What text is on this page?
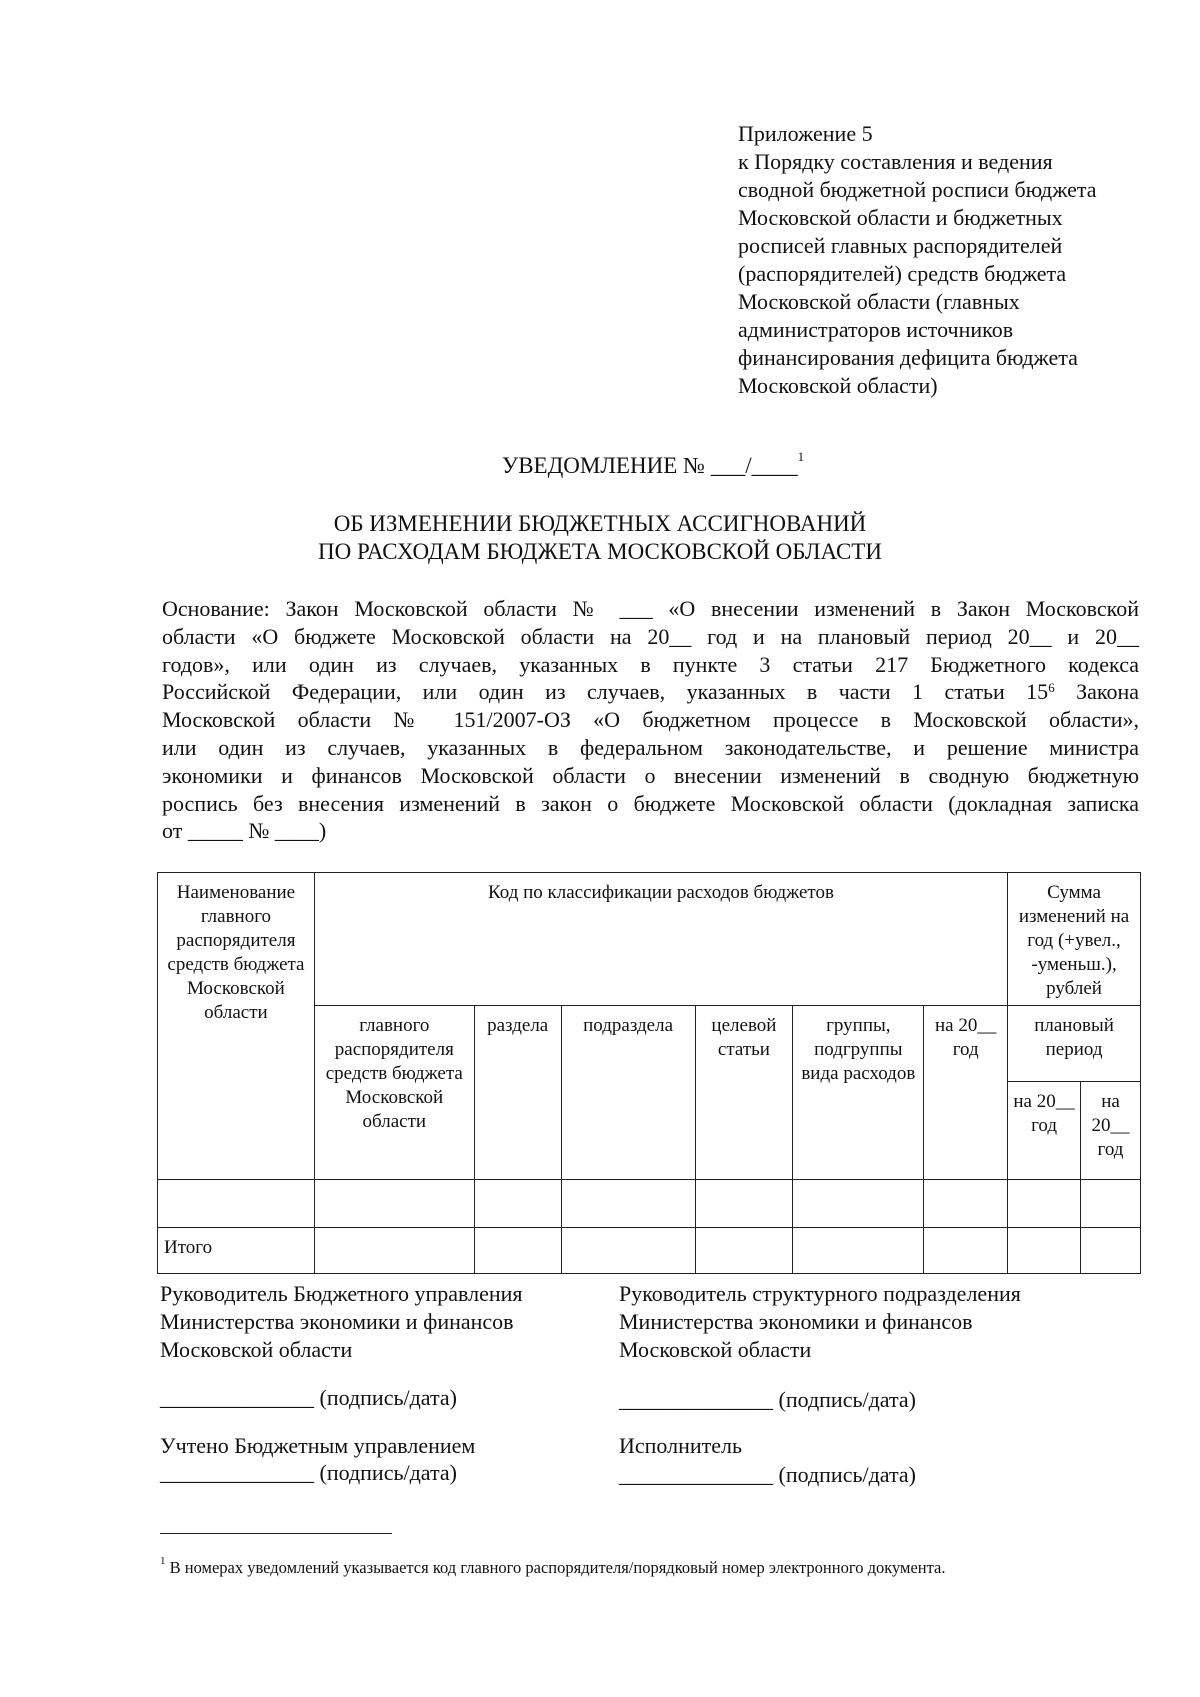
Приложение 5
к Порядку составления и ведения
сводной бюджетной росписи бюджета
Московской области и бюджетных
росписей главных распорядителей
(распорядителей) средств бюджета
Московской области (главных
администраторов источников
финансирования дефицита бюджета
Московской области)
УВЕДОМЛЕНИЕ № ___/____$^1$
ОБ ИЗМЕНЕНИИ БЮДЖЕТНЫХ АССИГНОВАНИЙ
ПО РАСХОДАМ БЮДЖЕТА МОСКОВСКОЙ ОБЛАСТИ
Основание: Закон Московской области № ___ «О внесении изменений в Закон Московской
области «О бюджете Московской области на 20__ год и на плановый период 20__ и 20__
годов», или один из случаев, указанных в пункте 3 статьи 217 Бюджетного кодекса
Российской Федерации, или один из случаев, указанных в части 1 статьи $15^6$ Закона
Московской области № 151/2007-ОЗ «О бюджетном процессе в Московской области»,
или один из случаев, указанных в федеральном законодательстве, и решение министра
экономики и финансов Московской области о внесении изменений в сводную бюджетную
роспись без внесения изменений в закон о бюджете Московской области (докладная записка
от _____ № ____)
Наименование главного распорядителя средств бюджета Московской области	Код по классификации расходов бюджетов						Сумма изменений на год (+увел., -уменьш.), рублей	
	главного распорядителя средств бюджета Московской области	раздела	подраздела	целевой статьи	группы, подгруппы вида расходов	на 20__ год	плановый период	
							на 20__ год	на 20__ год

Итого								
Руководитель Бюджетного управления
Министерства экономики и финансов
Московской области
Руководитель структурного подразделения
Министерства экономики и финансов
Московской области
______________ (подпись/дата)	______________ (подпись/дата)
Учтено Бюджетным управлением	Исполнитель
______________ (подпись/дата)	______________ (подпись/дата)
$^1$ В номерах уведомлений указывается код главного распорядителя/порядковый номер электронного документа.
